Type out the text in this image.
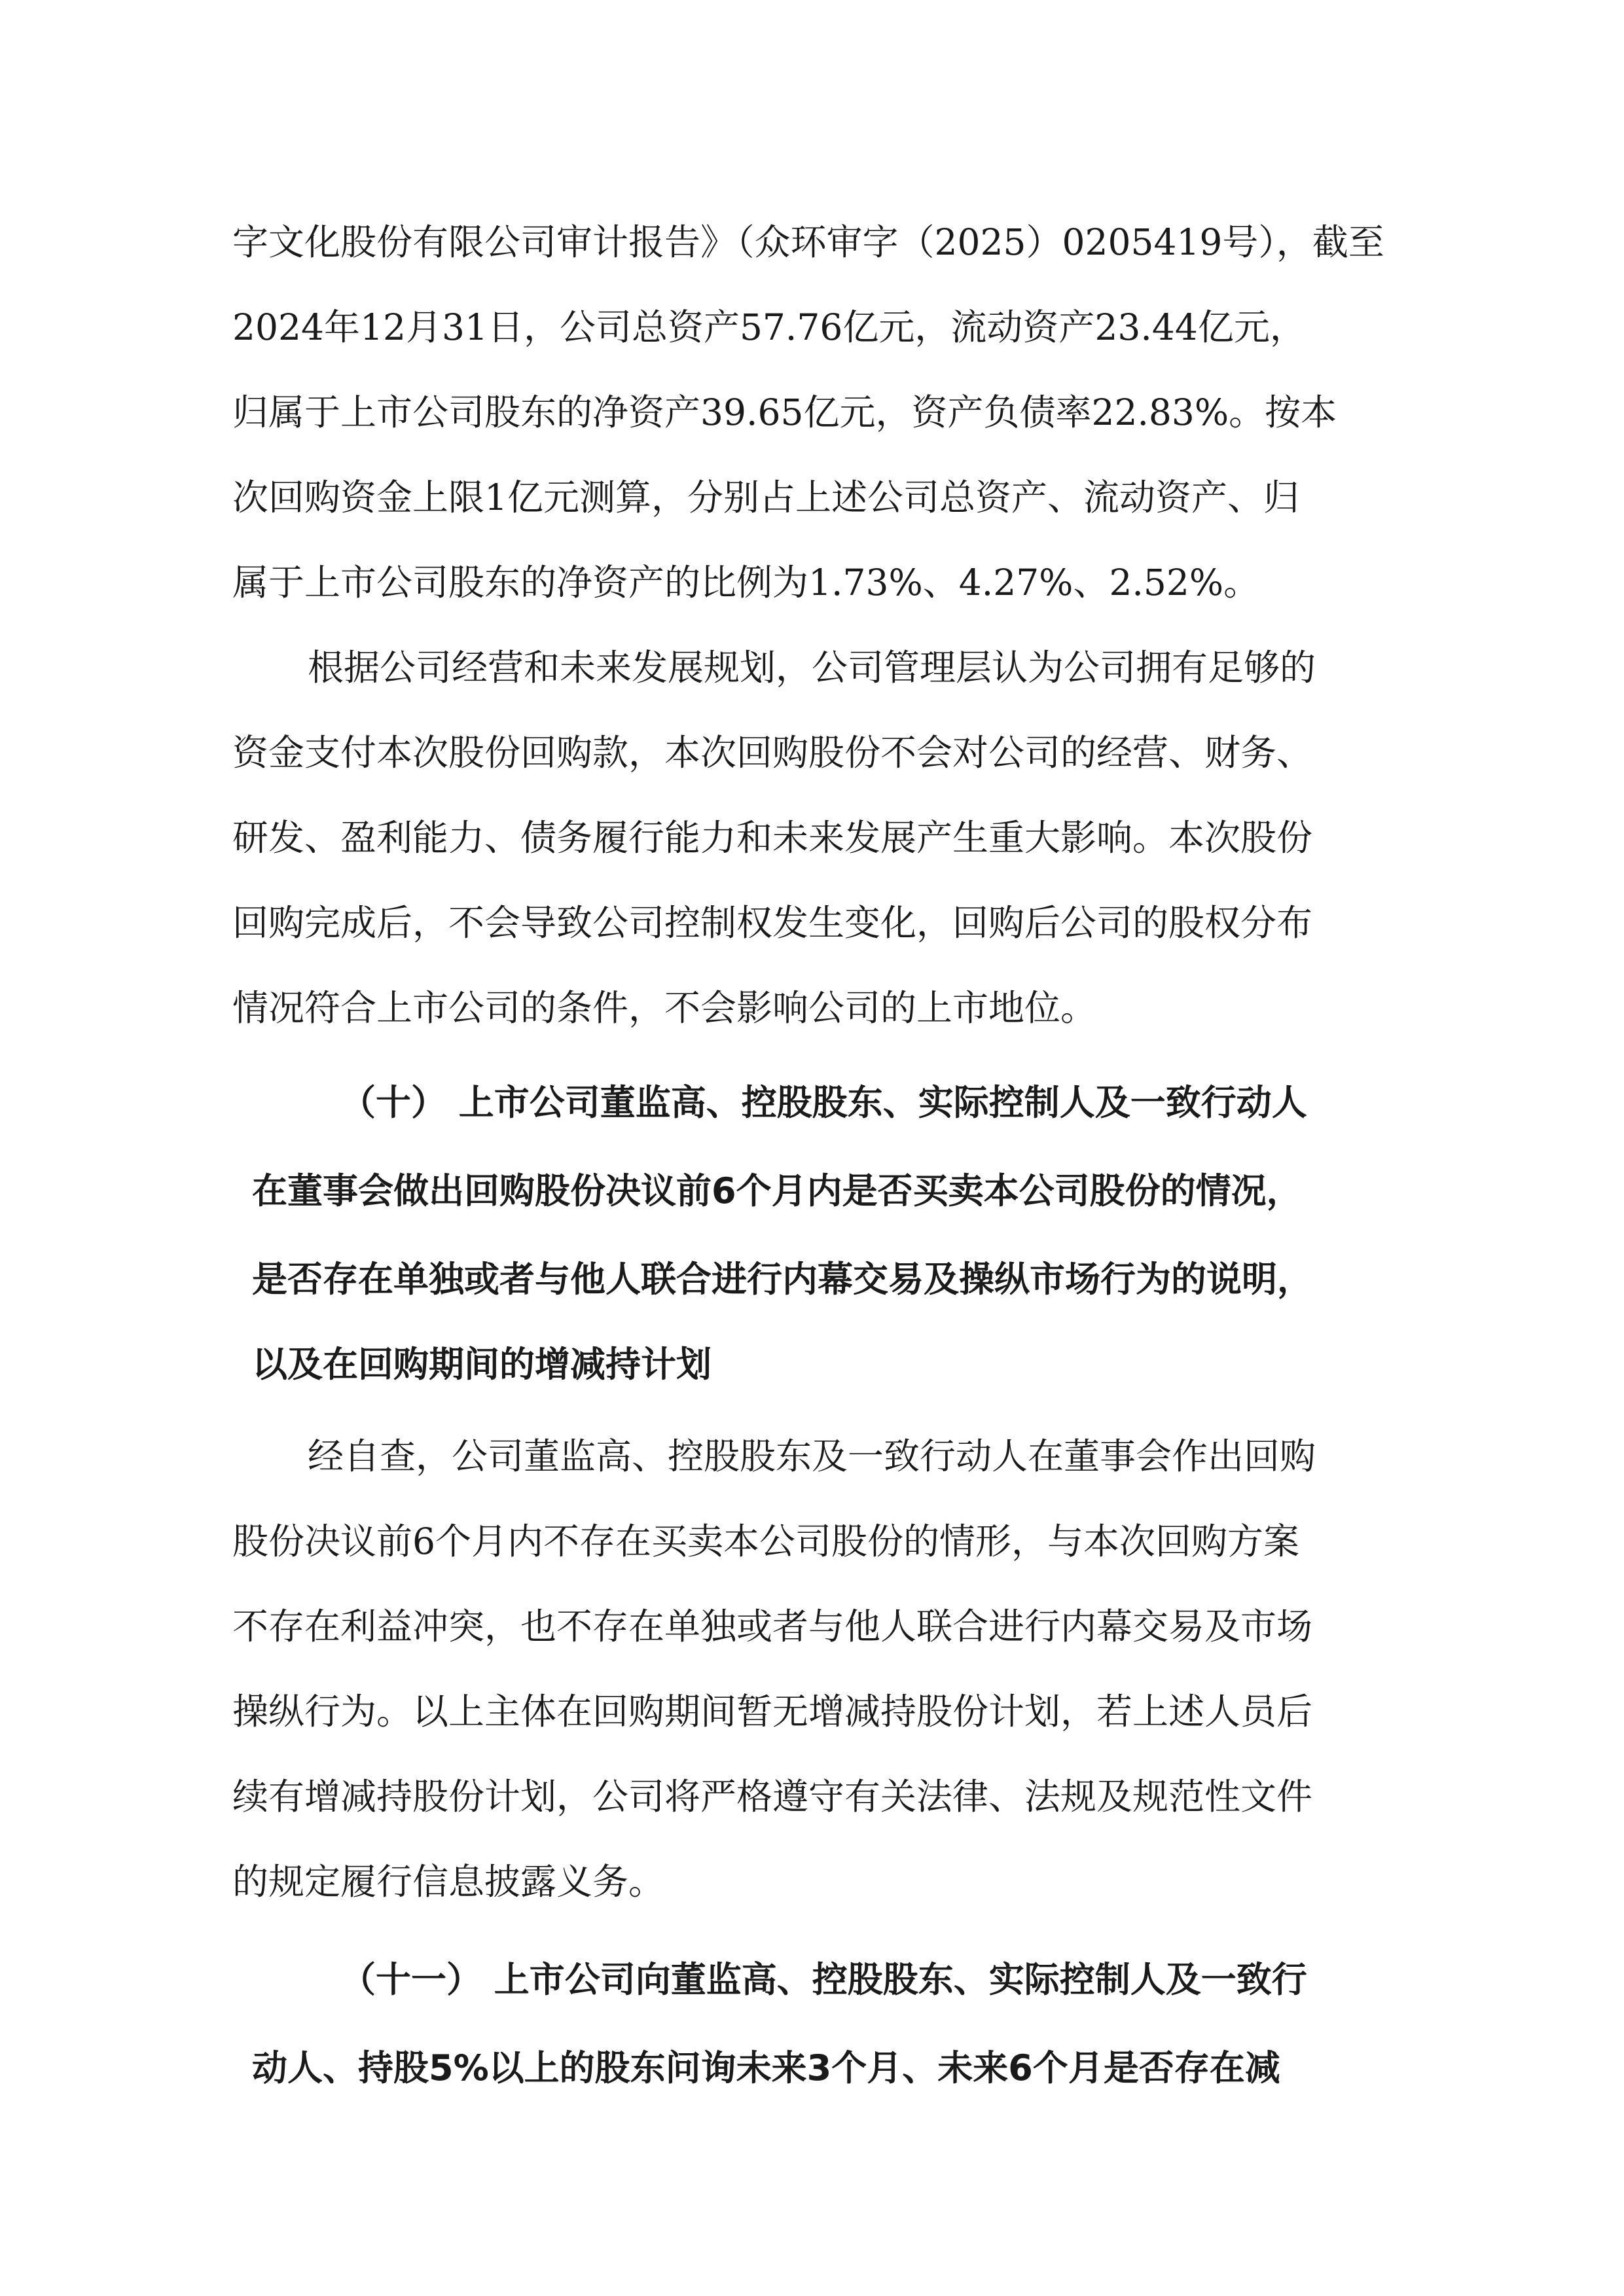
字文化股份有限公司审计报告》（众环审字（2025）0205419号），截至
2024年12月31日，公司总资产57.76亿元，流动资产23.44亿元，
归属于上市公司股东的净资产39.65亿元，资产负债率22.83%。按本
次回购资金上限1亿元测算，分别占上述公司总资产、流动资产、归
属于上市公司股东的净资产的比例为1.73%、4.27%、2.52%。
根据公司经营和未来发展规划，公司管理层认为公司拥有足够的
资金支付本次股份回购款，本次回购股份不会对公司的经营、财务、
研发、盈利能力、债务履行能力和未来发展产生重大影响。本次股份
回购完成后，不会导致公司控制权发生变化，回购后公司的股权分布
情况符合上市公司的条件，不会影响公司的上市地位。
（十） 上市公司董监高、控股股东、实际控制人及一致行动人
在董事会做出回购股份决议前6个月内是否买卖本公司股份的情况，
是否存在单独或者与他人联合进行内幕交易及操纵市场行为的说明，
以及在回购期间的增减持计划
经自查，公司董监高、控股股东及一致行动人在董事会作出回购
股份决议前6个月内不存在买卖本公司股份的情形，与本次回购方案
不存在利益冲突，也不存在单独或者与他人联合进行内幕交易及市场
操纵行为。以上主体在回购期间暂无增减持股份计划，若上述人员后
续有增减持股份计划，公司将严格遵守有关法律、法规及规范性文件
的规定履行信息披露义务。
（十一） 上市公司向董监高、控股股东、实际控制人及一致行
动人、持股5%以上的股东问询未来3个月、未来6个月是否存在减
